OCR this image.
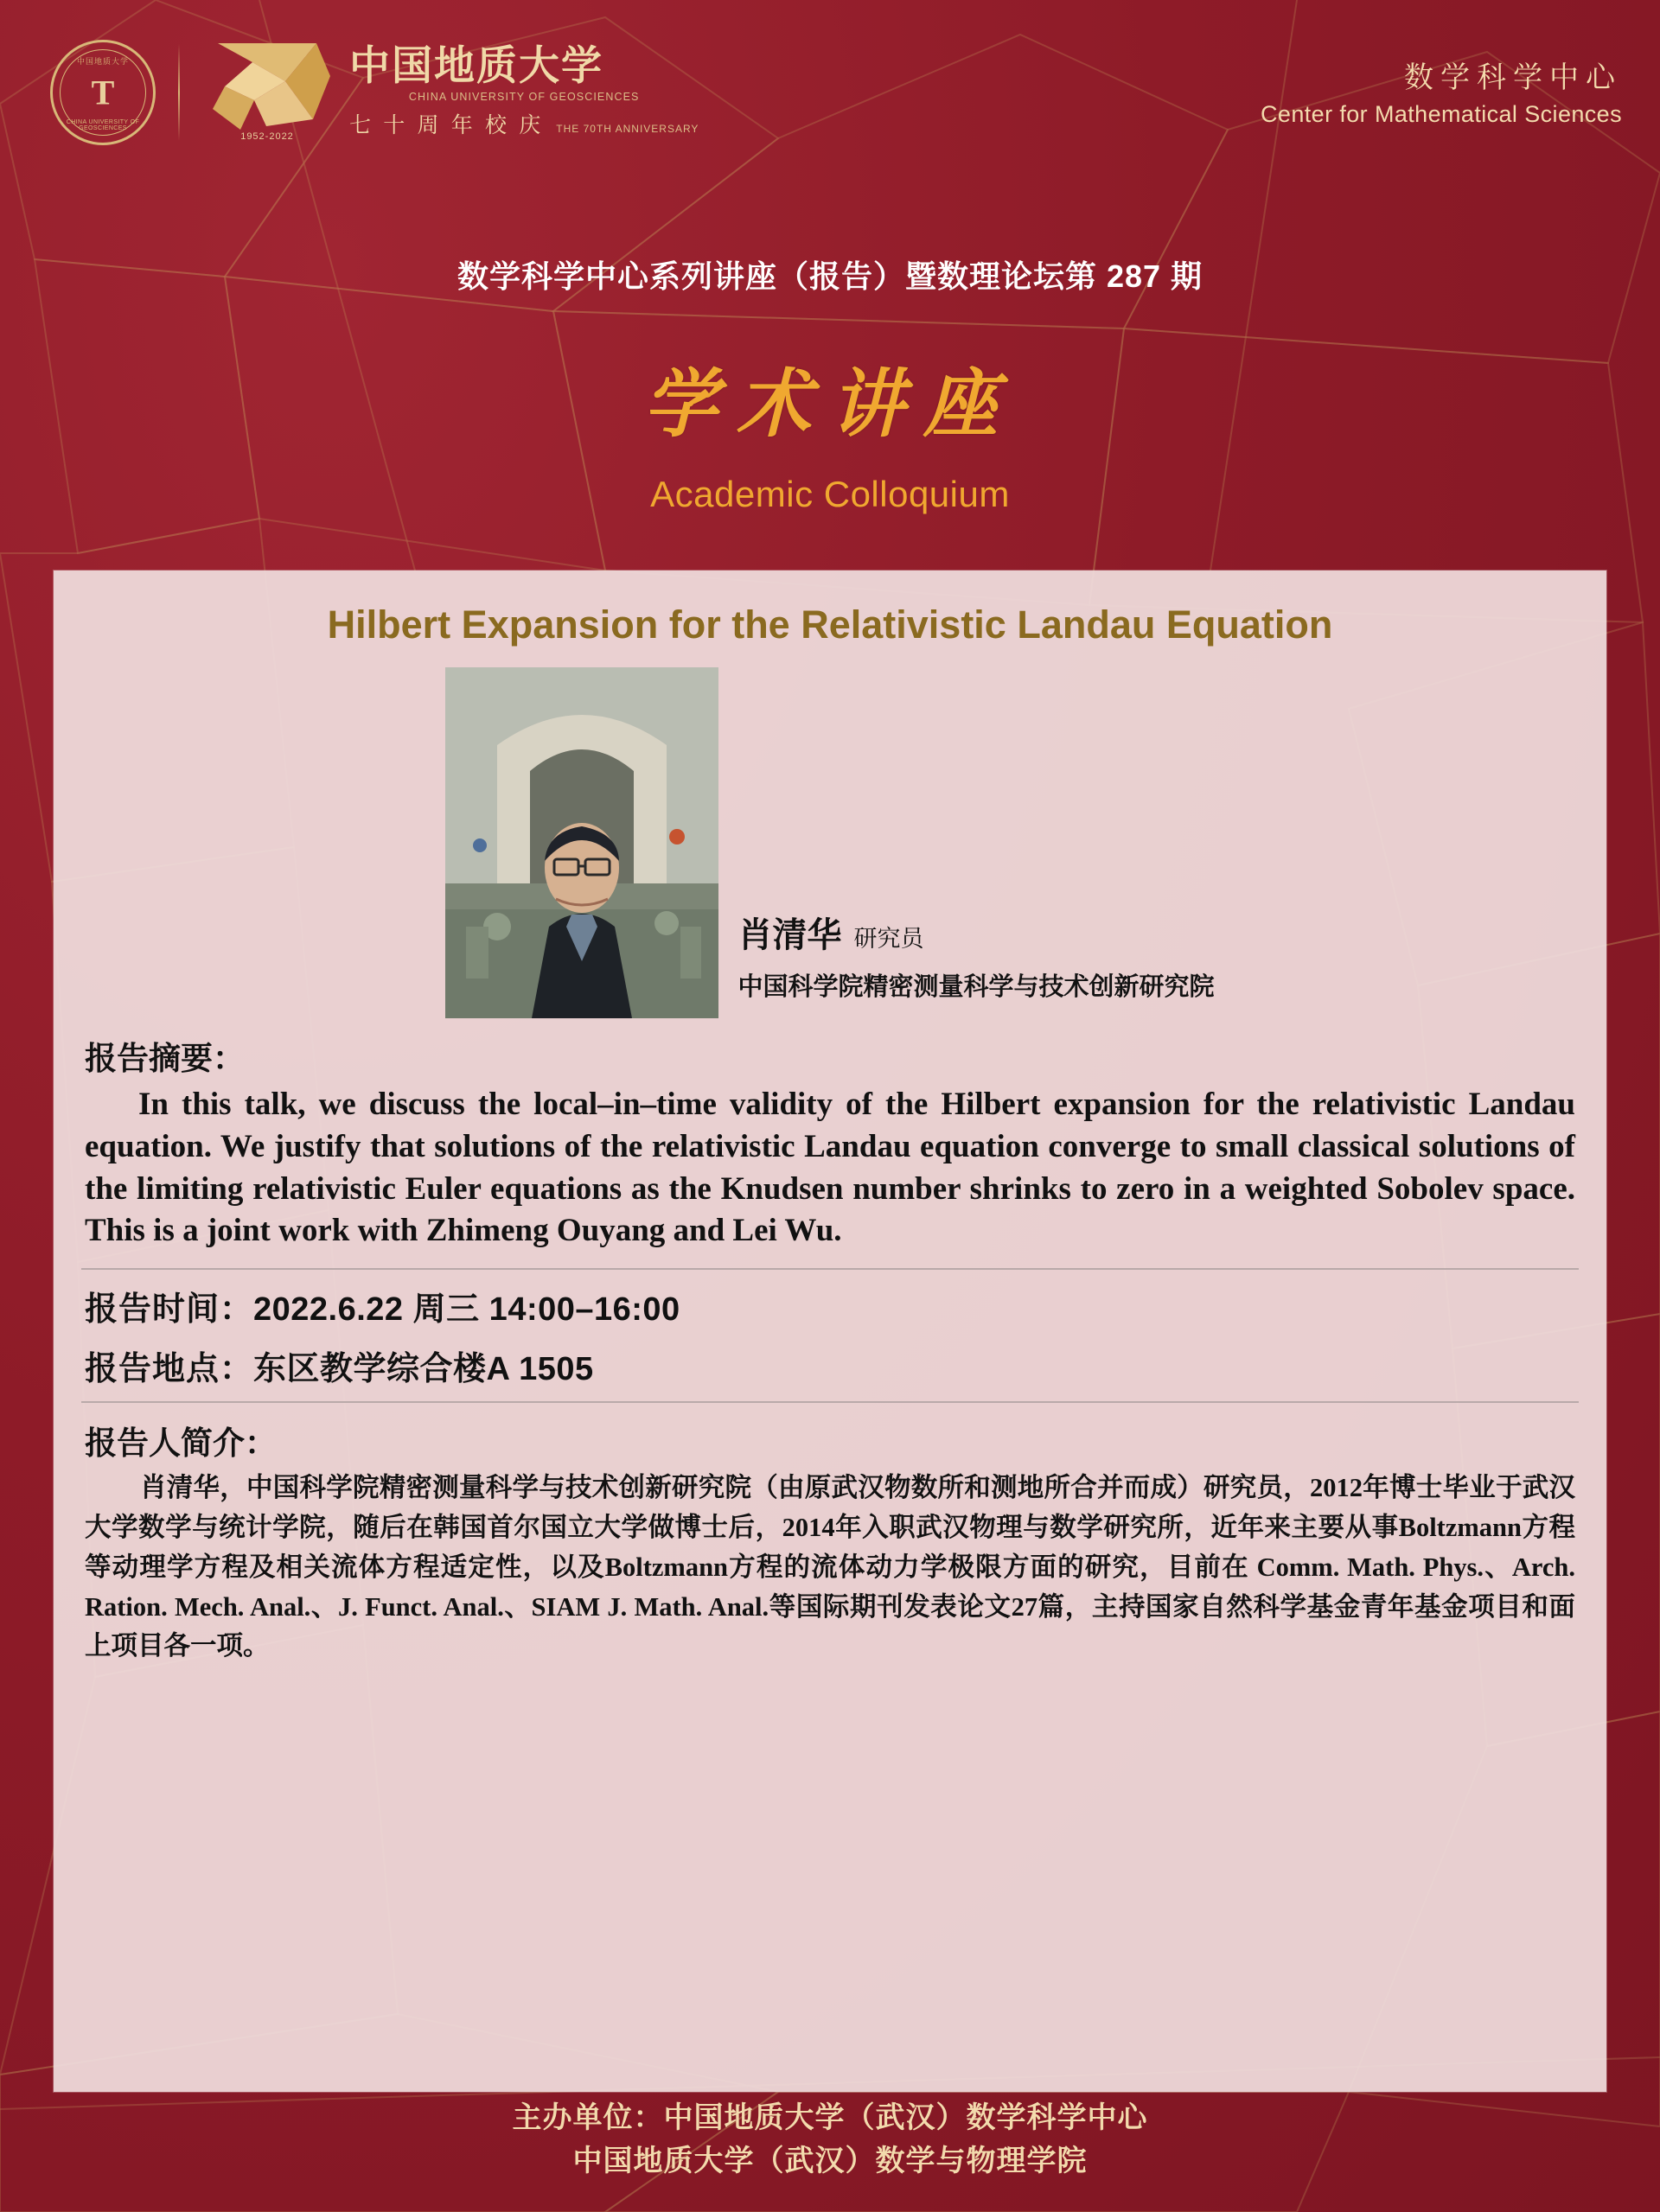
中国地质大学
T
CHINA UNIVERSITY OF GEOSCIENCES
1952-2022
中国地质大学
CHINA UNIVERSITY OF GEOSCIENCES
七 十 周 年 校 庆 THE 70TH ANNIVERSARY
数学科学中心
Center for Mathematical Sciences
数学科学中心系列讲座（报告）暨数理论坛第 287 期
学术讲座
Academic Colloquium
Hilbert Expansion for the Relativistic Landau Equation
肖清华 研究员
中国科学院精密测量科学与技术创新研究院
报告摘要：
In this talk, we discuss the local–in–time validity of the Hilbert expansion for the relativistic Landau equation. We justify that solutions of the relativistic Landau equation converge to small classical solutions of the limiting relativistic Euler equations as the Knudsen number shrinks to zero in a weighted Sobolev space. This is a joint work with Zhimeng Ouyang and Lei Wu.
报告时间：2022.6.22 周三 14:00–16:00
报告地点：东区教学综合楼A 1505
报告人简介：
肖清华，中国科学院精密测量科学与技术创新研究院（由原武汉物数所和测地所合并而成）研究员，2012年博士毕业于武汉大学数学与统计学院，随后在韩国首尔国立大学做博士后，2014年入职武汉物理与数学研究所，近年来主要从事Boltzmann方程等动理学方程及相关流体方程适定性，以及Boltzmann方程的流体动力学极限方面的研究，目前在 Comm. Math. Phys.、Arch. Ration. Mech. Anal.、J. Funct. Anal.、SIAM J. Math. Anal.等国际期刊发表论文27篇，主持国家自然科学基金青年基金项目和面上项目各一项。
主办单位：中国地质大学（武汉）数学科学中心
中国地质大学（武汉）数学与物理学院
